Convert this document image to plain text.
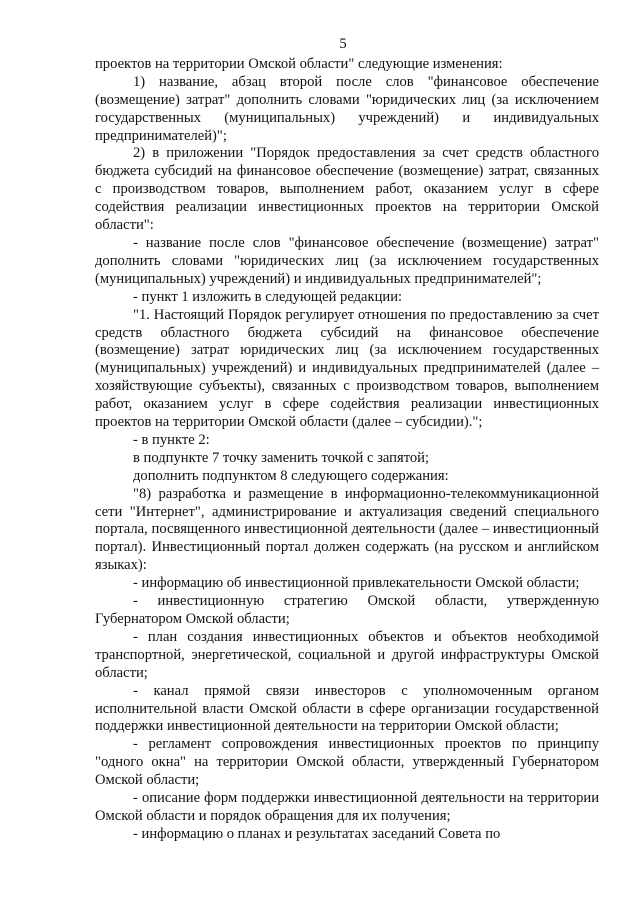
5

проектов на территории Омской области" следующие изменения:

1) название, абзац второй после слов "финансовое обеспечение (возмещение) затрат" дополнить словами "юридических лиц (за исключением государственных (муниципальных) учреждений) и индивидуальных предпринимателей)";

2) в приложении "Порядок предоставления за счет средств областного бюджета субсидий на финансовое обеспечение (возмещение) затрат, связанных с производством товаров, выполнением работ, оказанием услуг в сфере содействия реализации инвестиционных проектов на территории Омской области":

- название после слов "финансовое обеспечение (возмещение) затрат" дополнить словами "юридических лиц (за исключением государственных (муниципальных) учреждений) и индивидуальных предпринимателей";

- пункт 1 изложить в следующей редакции:

"1. Настоящий Порядок регулирует отношения по предоставлению за счет средств областного бюджета субсидий на финансовое обеспечение (возмещение) затрат юридических лиц (за исключением государственных (муниципальных) учреждений) и индивидуальных предпринимателей (далее – хозяйствующие субъекты), связанных с производством товаров, выполнением работ, оказанием услуг в сфере содействия реализации инвестиционных проектов на территории Омской области (далее – субсидии).";

- в пункте 2:

в подпункте 7 точку заменить точкой с запятой;

дополнить подпунктом 8 следующего содержания:

"8) разработка и размещение в информационно-телекоммуникационной сети "Интернет", администрирование и актуализация сведений специального портала, посвященного инвестиционной деятельности (далее – инвестиционный портал). Инвестиционный портал должен содержать (на русском и английском языках):

- информацию об инвестиционной привлекательности Омской области;

- инвестиционную стратегию Омской области, утвержденную Губернатором Омской области;

- план создания инвестиционных объектов и объектов необходимой транспортной, энергетической, социальной и другой инфраструктуры Омской области;

- канал прямой связи инвесторов с уполномоченным органом исполнительной власти Омской области в сфере организации государственной поддержки инвестиционной деятельности на территории Омской области;

- регламент сопровождения инвестиционных проектов по принципу "одного окна" на территории Омской области, утвержденный Губернатором Омской области;

- описание форм поддержки инвестиционной деятельности на территории Омской области и порядок обращения для их получения;

- информацию о планах и результатах заседаний Совета по
